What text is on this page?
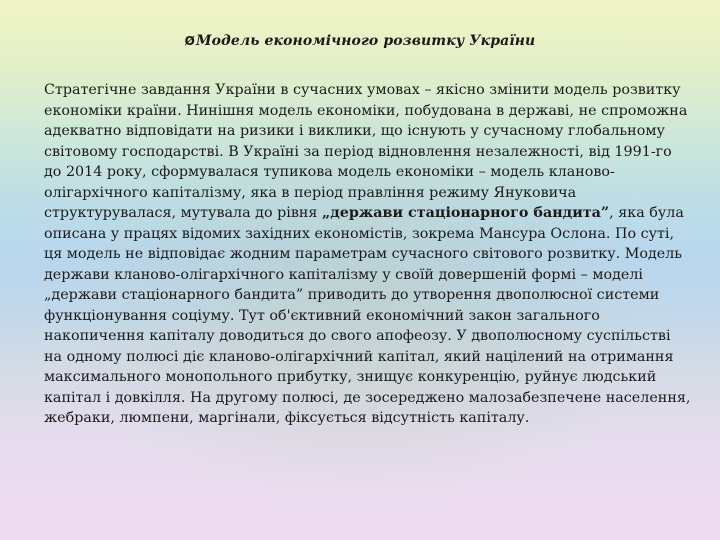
ØМодель економічного розвитку України

Стратегічне завдання України в сучасних умовах – якісно змінити модель розвитку економіки країни. Нинішня модель економіки, побудована в державі, не спроможна адекватно відповідати на ризики і виклики, що існують у сучасному глобальному світовому господарстві. В Україні за період відновлення незалежності, від 1991-го до 2014 року, сформувалася тупикова модель економіки – модель кланово-олігархічного капіталізму, яка в період правління режиму Януковича структурувалася, мутувала до рівня „держави стаціонарного бандита”, яка була описана у працях відомих західних економістів, зокрема Мансура Ослона. По суті, ця модель не відповідає жодним параметрам сучасного світового розвитку. Модель держави кланово-олігархічного капіталізму у своїй довершеній формі – моделі „держави стаціонарного бандита” приводить до утворення двополюсної системи функціонування соціуму. Тут об'єктивний економічний закон загального накопичення капіталу доводиться до свого апофеозу. У двополюсному суспільстві на одному полюсі діє кланово-олігархічний капітал, який націлений на отримання максимального монопольного прибутку, знищує конкуренцію, руйнує людський капітал і довкілля. На другому полюсі, де зосереджено малозабезпечене населення, жебраки, люмпени, маргінали, фіксується відсутність капіталу.
